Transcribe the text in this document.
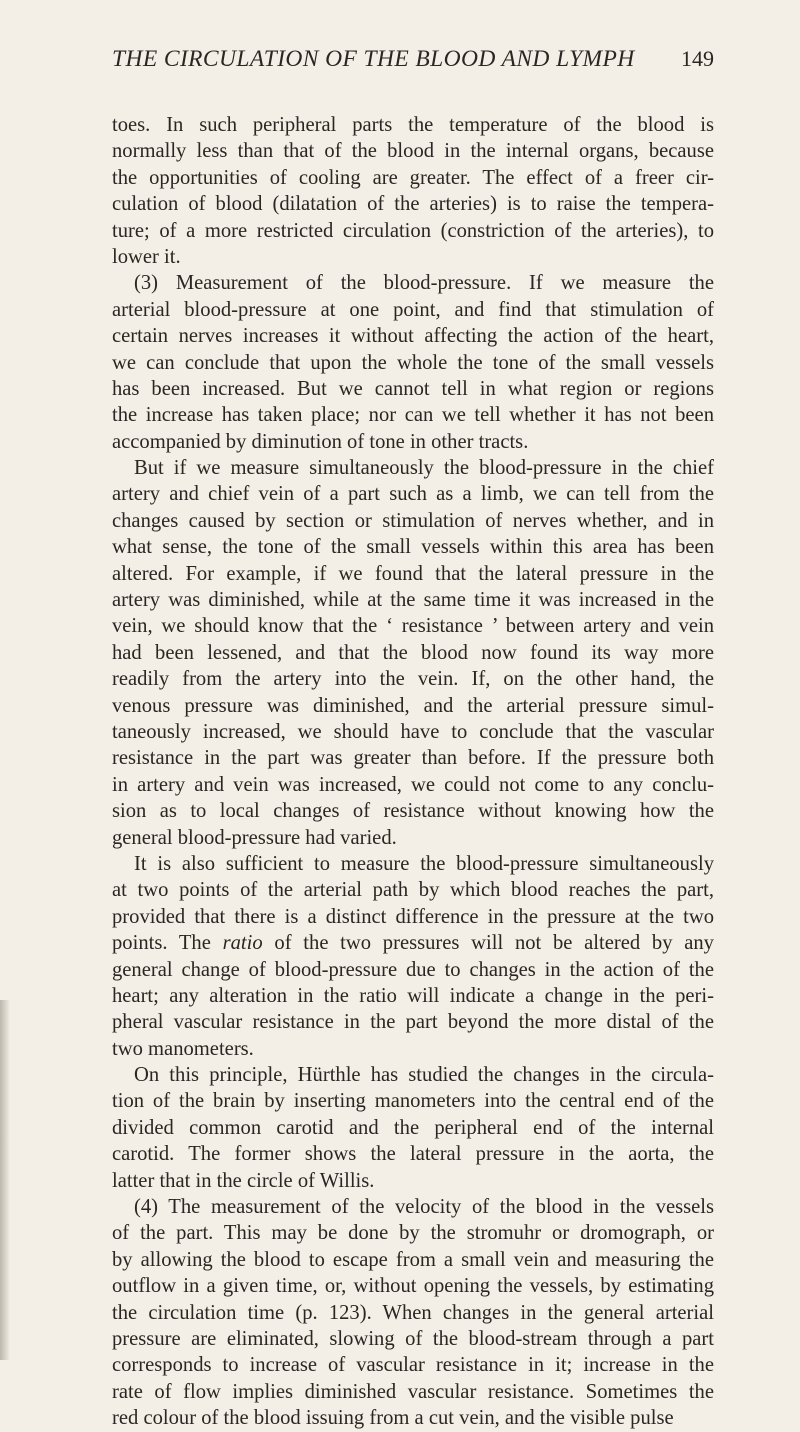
THE CIRCULATION OF THE BLOOD AND LYMPH 149
toes. In such peripheral parts the temperature of the blood is
normally less than that of the blood in the internal organs, because
the opportunities of cooling are greater. The effect of a freer cir-
culation of blood (dilatation of the arteries) is to raise the tempera-
ture; of a more restricted circulation (constriction of the arteries), to
lower it.
(3) Measurement of the blood-pressure. If we measure the
arterial blood-pressure at one point, and find that stimulation of
certain nerves increases it without affecting the action of the heart,
we can conclude that upon the whole the tone of the small vessels
has been increased. But we cannot tell in what region or regions
the increase has taken place; nor can we tell whether it has not been
accompanied by diminution of tone in other tracts.
But if we measure simultaneously the blood-pressure in the chief
artery and chief vein of a part such as a limb, we can tell from the
changes caused by section or stimulation of nerves whether, and in
what sense, the tone of the small vessels within this area has been
altered. For example, if we found that the lateral pressure in the
artery was diminished, while at the same time it was increased in the
vein, we should know that the ‘ resistance ’ between artery and vein
had been lessened, and that the blood now found its way more
readily from the artery into the vein. If, on the other hand, the
venous pressure was diminished, and the arterial pressure simul-
taneously increased, we should have to conclude that the vascular
resistance in the part was greater than before. If the pressure both
in artery and vein was increased, we could not come to any conclu-
sion as to local changes of resistance without knowing how the
general blood-pressure had varied.
It is also sufficient to measure the blood-pressure simultaneously
at two points of the arterial path by which blood reaches the part,
provided that there is a distinct difference in the pressure at the two
points. The ratio of the two pressures will not be altered by any
general change of blood-pressure due to changes in the action of the
heart; any alteration in the ratio will indicate a change in the peri-
pheral vascular resistance in the part beyond the more distal of the
two manometers.
On this principle, Hürthle has studied the changes in the circula-
tion of the brain by inserting manometers into the central end of the
divided common carotid and the peripheral end of the internal
carotid. The former shows the lateral pressure in the aorta, the
latter that in the circle of Willis.
(4) The measurement of the velocity of the blood in the vessels
of the part. This may be done by the stromuhr or dromograph, or
by allowing the blood to escape from a small vein and measuring the
outflow in a given time, or, without opening the vessels, by estimating
the circulation time (p. 123). When changes in the general arterial
pressure are eliminated, slowing of the blood-stream through a part
corresponds to increase of vascular resistance in it; increase in the
rate of flow implies diminished vascular resistance. Sometimes the
red colour of the blood issuing from a cut vein, and the visible pulse
